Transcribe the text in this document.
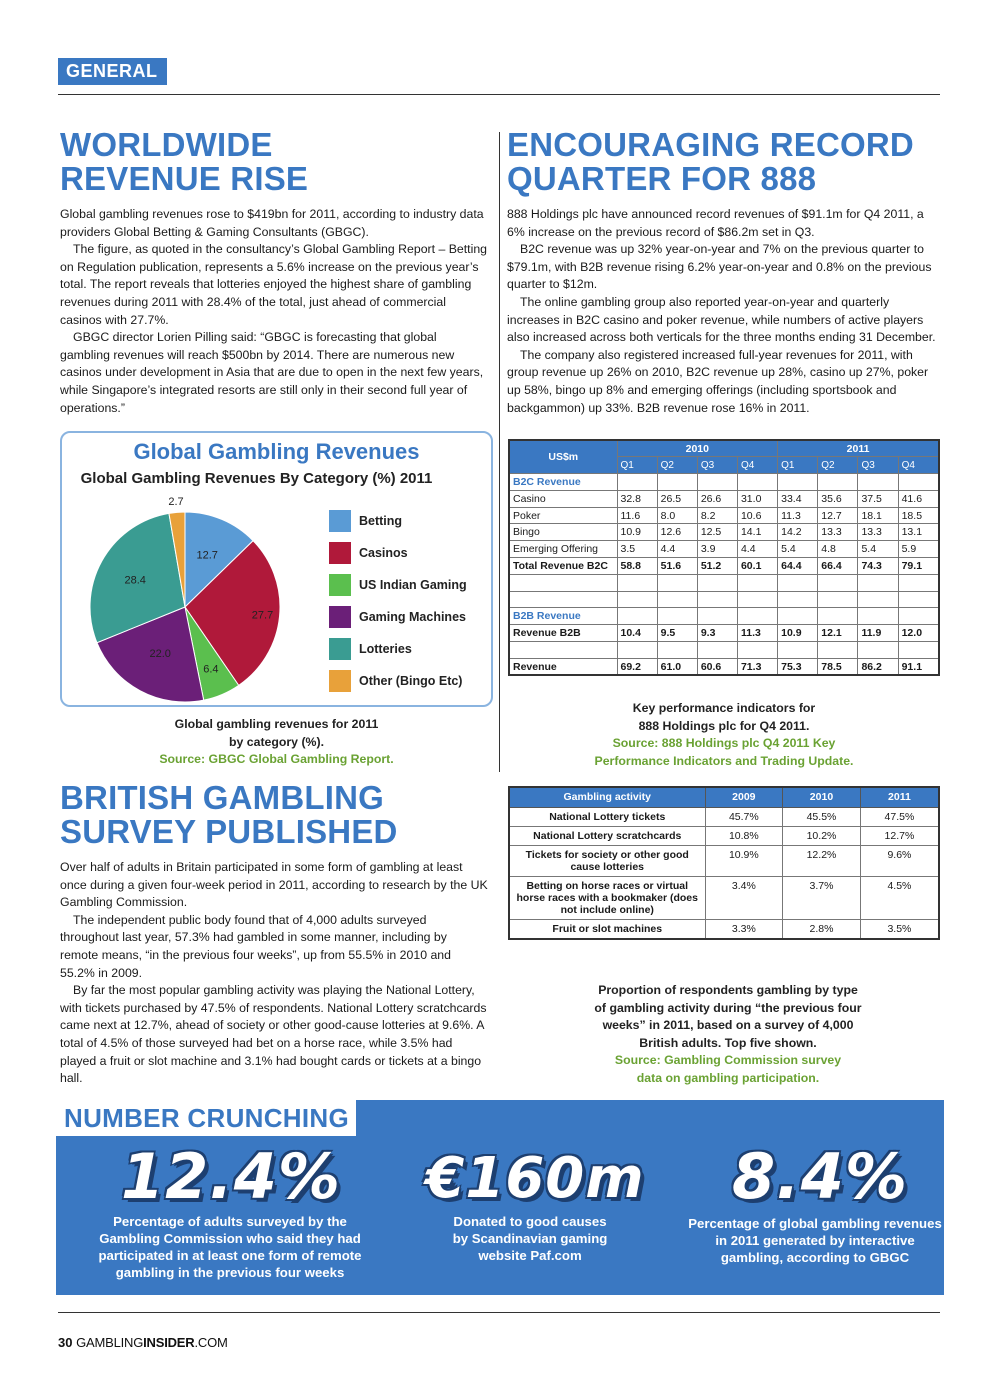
GENERAL
WORLDWIDE
REVENUE RISE

Global gambling revenues rose to $419bn for 2011, according to industry data providers Global Betting & Gaming Consultants (GBGC).

The figure, as quoted in the consultancy’s Global Gambling Report – Betting on Regulation publication, represents a 5.6% increase on the previous year’s total. The report reveals that lotteries enjoyed the highest share of gambling revenues during 2011 with 28.4% of the total, just ahead of commercial casinos with 27.7%.

GBGC director Lorien Pilling said: “GBGC is forecasting that global gambling revenues will reach $500bn by 2014. There are numerous new casinos under development in Asia that are due to open in the next few years, while Singapore’s integrated resorts are still only in their second full year of operations.”

Global Gambling Revenues
Global Gambling Revenues By Category (%) 2011
12.7
27.7
6.4
22.0
28.4
2.7
Betting
Casinos
US Indian Gaming
Gaming Machines
Lotteries
Other (Bingo Etc)
Global gambling revenues for 2011
by category (%).
Source: GBGC Global Gambling Report.
ENCOURAGING RECORD
QUARTER FOR 888

888 Holdings plc have announced record revenues of $91.1m for Q4 2011, a 6% increase on the previous record of $86.2m set in Q3.

B2C revenue was up 32% year-on-year and 7% on the previous quarter to $79.1m, with B2B revenue rising 6.2% year-on-year and 0.8% on the previous quarter to $12m.

The online gambling group also reported year-on-year and quarterly increases in B2C casino and poker revenue, while numbers of active players also increased across both verticals for the three months ending 31 December.

The company also registered increased full-year revenues for 2011, with group revenue up 26% on 2010, B2C revenue up 28%, casino up 27%, poker up 58%, bingo up 8% and emerging offerings (including sportsbook and backgammon) up 33%. B2B revenue rose 16% in 2011.

US$m	2010				2011			
	Q1	Q2	Q3	Q4	Q1	Q2	Q3	Q4
B2C Revenue								
Casino	32.8	26.5	26.6	31.0	33.4	35.6	37.5	41.6
Poker	11.6	8.0	8.2	10.6	11.3	12.7	18.1	18.5
Bingo	10.9	12.6	12.5	14.1	14.2	13.3	13.3	13.1
Emerging Offering	3.5	4.4	3.9	4.4	5.4	4.8	5.4	5.9
Total Revenue B2C	58.8	51.6	51.2	60.1	64.4	66.4	74.3	79.1

B2B Revenue								
Revenue B2B	10.4	9.5	9.3	11.3	10.9	12.1	11.9	12.0

Revenue	69.2	61.0	60.6	71.3	75.3	78.5	86.2	91.1
Key performance indicators for
888 Holdings plc for Q4 2011.
Source: 888 Holdings plc Q4 2011 Key
Performance Indicators and Trading Update.
BRITISH GAMBLING
SURVEY PUBLISHED

Over half of adults in Britain participated in some form of gambling at least once during a given four-week period in 2011, according to research by the UK Gambling Commission.

The independent public body found that of 4,000 adults surveyed throughout last year, 57.3% had gambled in some manner, including by remote means, “in the previous four weeks”, up from 55.5% in 2010 and 55.2% in 2009.

By far the most popular gambling activity was playing the National Lottery, with tickets purchased by 47.5% of respondents. National Lottery scratchcards came next at 12.7%, ahead of society or other good-cause lotteries at 9.6%. A total of 4.5% of those surveyed had bet on a horse race, while 3.5% had played a fruit or slot machine and 3.1% had bought cards or tickets at a bingo hall.

Gambling activity	2009	2010	2011
National Lottery tickets	45.7%	45.5%	47.5%
National Lottery scratchcards	10.8%	10.2%	12.7%
Tickets for society or other good cause lotteries	10.9%	12.2%	9.6%
Betting on horse races or virtual horse races with a bookmaker (does not include online)	3.4%	3.7%	4.5%
Fruit or slot machines	3.3%	2.8%	3.5%
Proportion of respondents gambling by type
of gambling activity during “the previous four
weeks” in 2011, based on a survey of 4,000
British adults. Top five shown.
Source: Gambling Commission survey
data on gambling participation.
NUMBER CRUNCHING
12.4%
Percentage of adults surveyed by the
Gambling Commission who said they had
participated in at least one form of remote
gambling in the previous four weeks
€160m
Donated to good causes
by Scandinavian gaming
website Paf.com
8.4%
Percentage of global gambling revenues
in 2011 generated by interactive
gambling, according to GBGC
30 GAMBLINGINSIDER.COM
